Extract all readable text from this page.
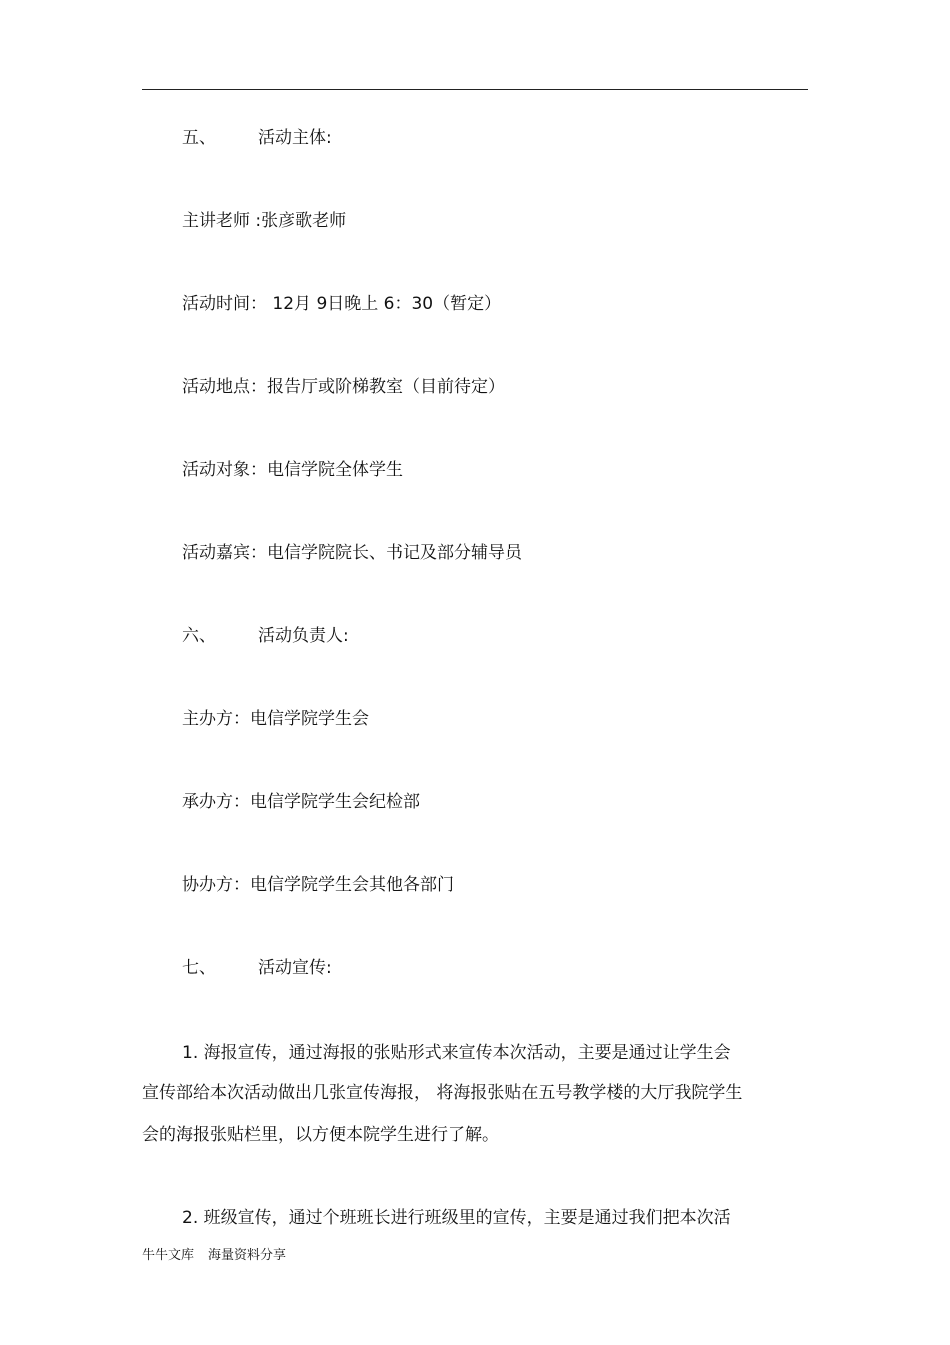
五、 活动主体:
主讲老师 :张彦歌老师
活动时间： 12月 9日晚上 6：30（暂定）
活动地点：报告厅或阶梯教室（目前待定）
活动对象：电信学院全体学生
活动嘉宾：电信学院院长、书记及部分辅导员
六、 活动负责人:
主办方：电信学院学生会
承办方：电信学院学生会纪检部
协办方：电信学院学生会其他各部门
七、 活动宣传:
1. 海报宣传，通过海报的张贴形式来宣传本次活动，主要是通过让学生会
宣传部给本次活动做出几张宣传海报， 将海报张贴在五号教学楼的大厅我院学生
会的海报张贴栏里，以方便本院学生进行了解。
2. 班级宣传，通过个班班长进行班级里的宣传，主要是通过我们把本次活
牛牛文库 海量资料分享
